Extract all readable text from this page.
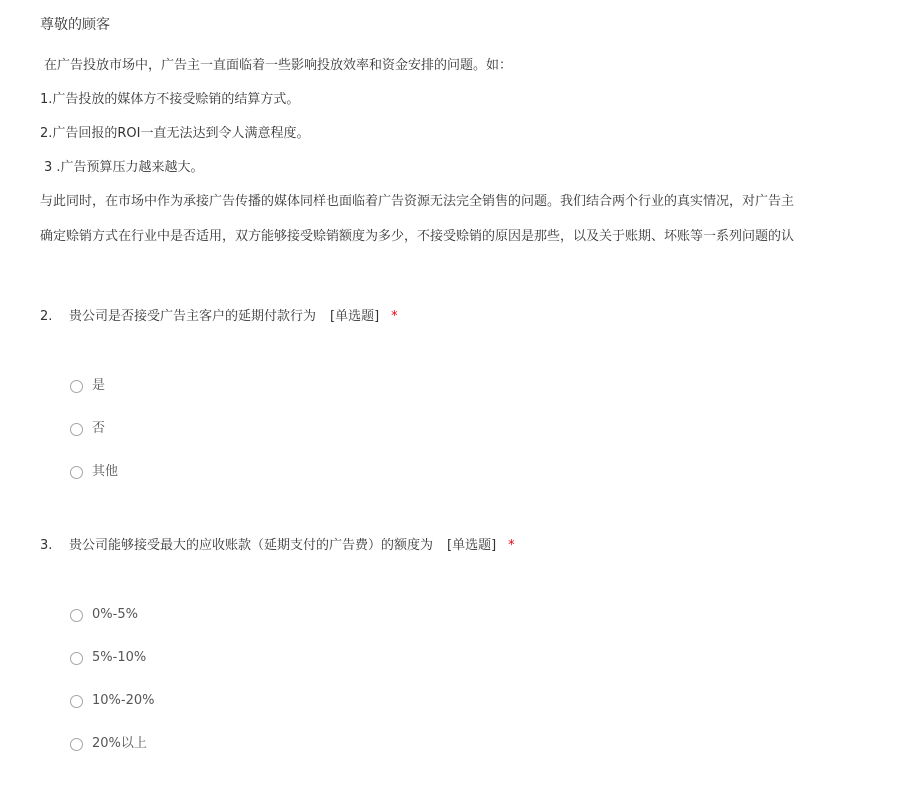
尊敬的顾客
在广告投放市场中，广告主一直面临着一些影响投放效率和资金安排的问题。如：
1.广告投放的媒体方不接受赊销的结算方式。
2.广告回报的ROI一直无法达到令人满意程度。
3 .广告预算压力越来越大。
与此同时，在市场中作为承接广告传播的媒体同样也面临着广告资源无法完全销售的问题。我们结合两个行业的真实情况，对广告主
确定赊销方式在行业中是否适用，双方能够接受赊销额度为多少，不接受赊销的原因是那些，以及关于账期、坏账等一系列问题的认
2. 贵公司是否接受广告主客户的延期付款行为 [单选题] *
是
否
其他
3. 贵公司能够接受最大的应收账款（延期支付的广告费）的额度为 [单选题] *
0%-5%
5%-10%
10%-20%
20%以上
